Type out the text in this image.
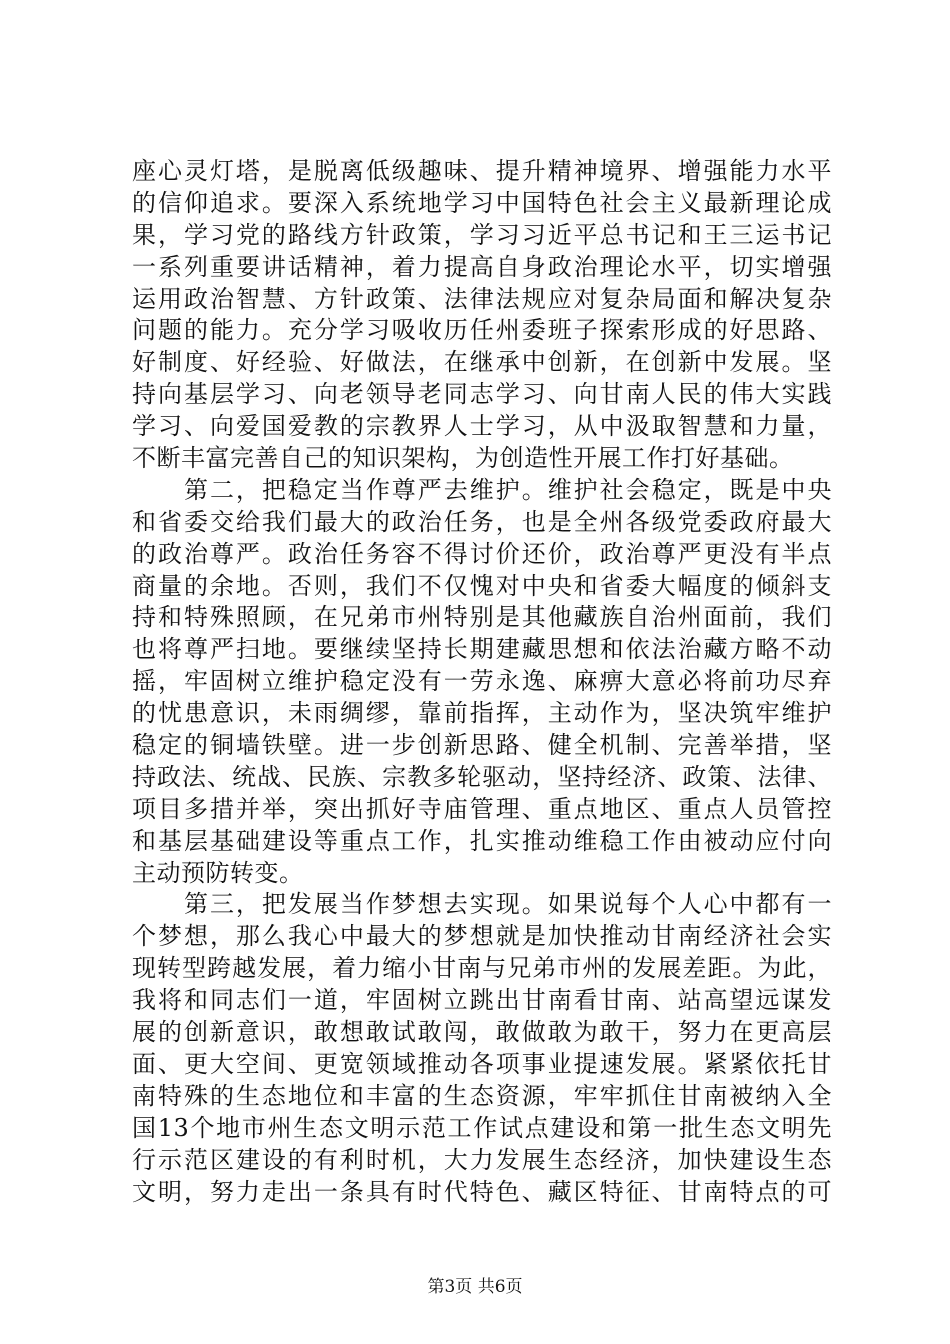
座心灵灯塔，是脱离低级趣味、提升精神境界、增强能力水平
的信仰追求。要深入系统地学习中国特色社会主义最新理论成
果，学习党的路线方针政策，学习习近平总书记和王三运书记
一系列重要讲话精神，着力提高自身政治理论水平，切实增强
运用政治智慧、方针政策、法律法规应对复杂局面和解决复杂
问题的能力。充分学习吸收历任州委班子探索形成的好思路、
好制度、好经验、好做法，在继承中创新，在创新中发展。坚
持向基层学习、向老领导老同志学习、向甘南人民的伟大实践
学习、向爱国爱教的宗教界人士学习，从中汲取智慧和力量，
不断丰富完善自己的知识架构，为创造性开展工作打好基础。
　　第二，把稳定当作尊严去维护。维护社会稳定，既是中央
和省委交给我们最大的政治任务，也是全州各级党委政府最大
的政治尊严。政治任务容不得讨价还价，政治尊严更没有半点
商量的余地。否则，我们不仅愧对中央和省委大幅度的倾斜支
持和特殊照顾，在兄弟市州特别是其他藏族自治州面前，我们
也将尊严扫地。要继续坚持长期建藏思想和依法治藏方略不动
摇，牢固树立维护稳定没有一劳永逸、麻痹大意必将前功尽弃
的忧患意识，未雨绸缪，靠前指挥，主动作为，坚决筑牢维护
稳定的铜墙铁壁。进一步创新思路、健全机制、完善举措，坚
持政法、统战、民族、宗教多轮驱动，坚持经济、政策、法律、
项目多措并举，突出抓好寺庙管理、重点地区、重点人员管控
和基层基础建设等重点工作，扎实推动维稳工作由被动应付向
主动预防转变。
　　第三，把发展当作梦想去实现。如果说每个人心中都有一
个梦想，那么我心中最大的梦想就是加快推动甘南经济社会实
现转型跨越发展，着力缩小甘南与兄弟市州的发展差距。为此，
我将和同志们一道，牢固树立跳出甘南看甘南、站高望远谋发
展的创新意识，敢想敢试敢闯，敢做敢为敢干，努力在更高层
面、更大空间、更宽领域推动各项事业提速发展。紧紧依托甘
南特殊的生态地位和丰富的生态资源，牢牢抓住甘南被纳入全
国13个地市州生态文明示范工作试点建设和第一批生态文明先
行示范区建设的有利时机，大力发展生态经济，加快建设生态
文明，努力走出一条具有时代特色、藏区特征、甘南特点的可
第3页 共6页
